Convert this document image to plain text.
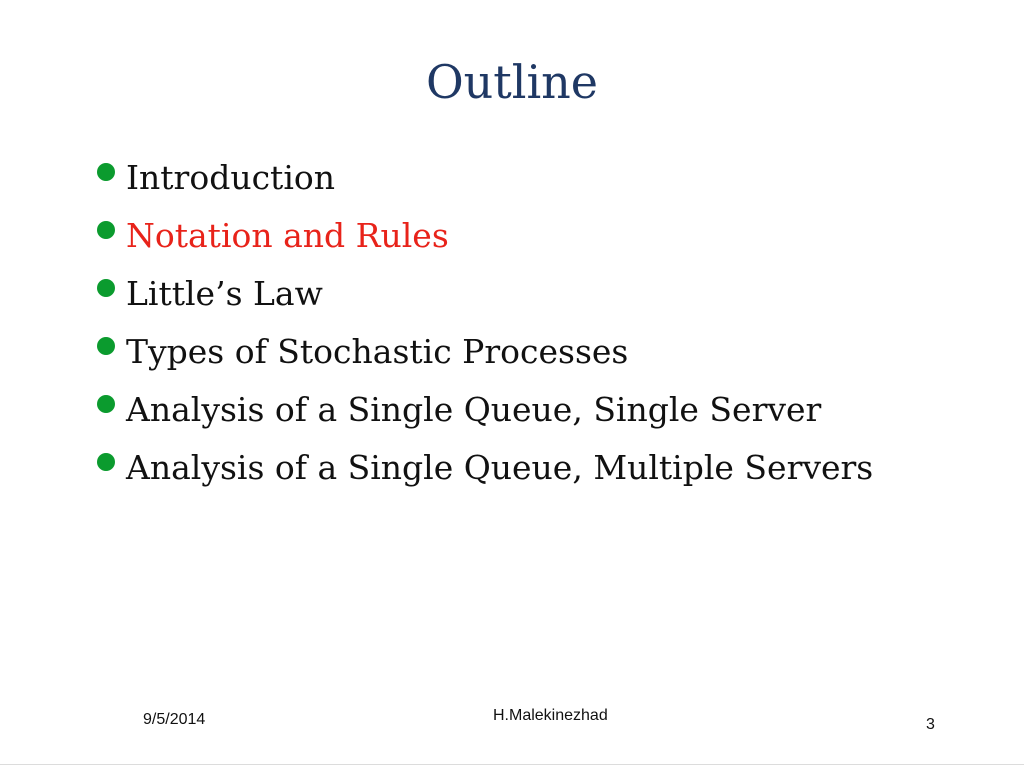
Outline
Introduction
Notation and Rules
Little’s Law
Types of Stochastic Processes
Analysis of a Single Queue, Single Server
Analysis of a Single Queue, Multiple Servers
9/5/2014	H.Malekinezhad
3
